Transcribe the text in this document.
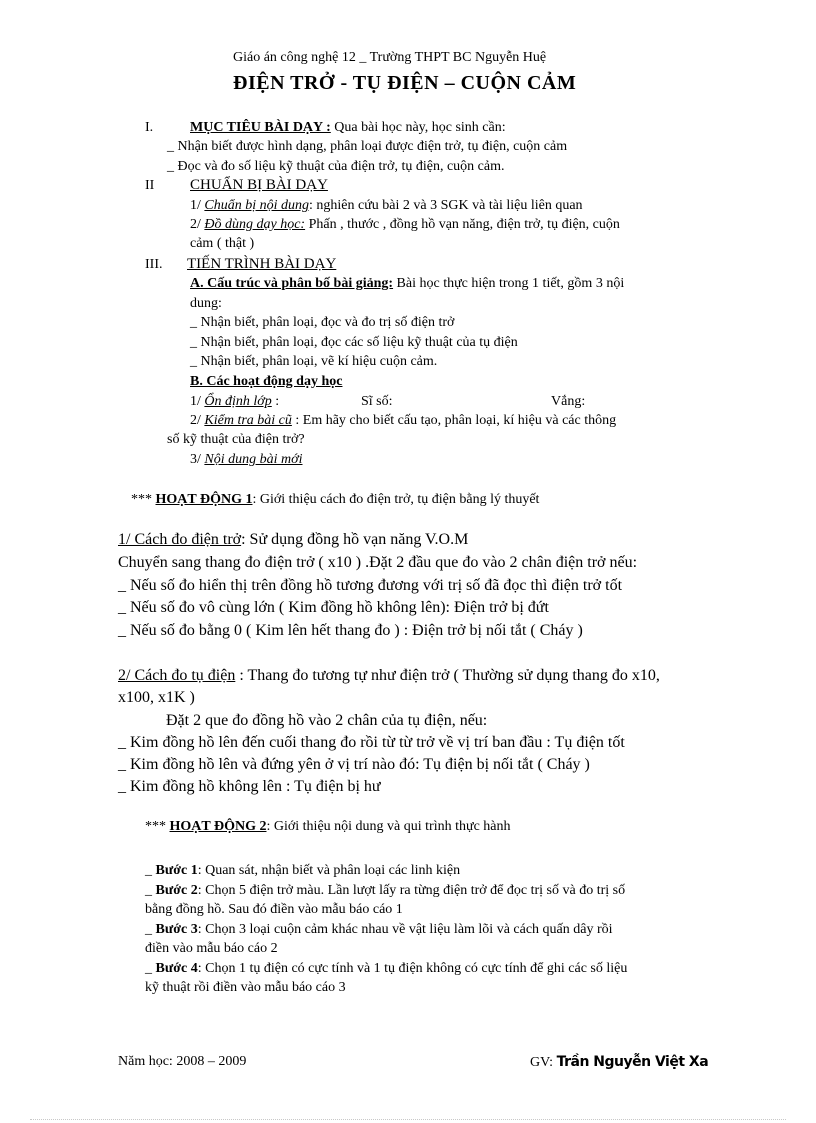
Giáo án công nghệ 12 _ Trường THPT BC Nguyễn Huệ
ĐIỆN TRỞ - TỤ ĐIỆN – CUỘN CẢM
I.	MỤC TIÊU BÀI DẠY : Qua bài học này, học sinh cần:
_ Nhận biết được hình dạng, phân loại được điện trở, tụ điện, cuộn cảm
_ Đọc và đo số liệu kỹ thuật của điện trở, tụ điện, cuộn cảm.
II CHUẨN BỊ BÀI DẠY
1/ Chuẩn bị nội dung: nghiên cứu bài 2 và 3 SGK và tài liệu liên quan
2/ Đồ dùng dạy học: Phấn , thước , đồng hồ vạn năng, điện trở, tụ điện, cuộn
cảm ( thật )
III. TIẾN TRÌNH BÀI DẠY
A. Cấu trúc và phân bố bài giảng: Bài học thực hiện trong 1 tiết, gồm 3 nội
dung:
_ Nhận biết, phân loại, đọc và đo trị số điện trở
_ Nhận biết, phân loại, đọc các số liệu kỹ thuật của tụ điện
_ Nhận biết, phân loại, vẽ kí hiệu cuộn cảm.
B. Các hoạt động dạy học
1/ Ổn định lớp :	Sĩ số:	Vắng:
2/ Kiểm tra bài cũ : Em hãy cho biết cấu tạo, phân loại, kí hiệu và các thông
số kỹ thuật của điện trở?
3/ Nội dung bài mới
*** HOẠT ĐỘNG 1: Giới thiệu cách đo điện trở, tụ điện bằng lý thuyết
1/ Cách đo điện trở: Sử dụng đồng hồ vạn năng V.O.M
Chuyển sang thang đo điện trở ( x10 ) .Đặt 2 đầu que đo vào 2 chân điện trở nếu:
_ Nếu số đo hiển thị trên đồng hồ tương đương với trị số đã đọc thì điện trở tốt
_ Nếu số đo vô cùng lớn ( Kim đồng hồ không lên): Điện trở bị đứt
_ Nếu số đo bằng 0 ( Kim lên hết thang đo ) : Điện trở bị nối tắt ( Cháy )
2/ Cách đo tụ điện : Thang đo tương tự như điện trở ( Thường sử dụng thang đo x10,
x100, x1K )
Đặt 2 que đo đồng hồ vào 2 chân của tụ điện, nếu:
_ Kim đồng hồ lên đến cuối thang đo rồi từ từ trở về vị trí ban đầu : Tụ điện tốt
_ Kim đồng hồ lên và đứng yên ở vị trí nào đó: Tụ điện bị nối tắt ( Cháy )
_ Kim đồng hồ không lên : Tụ điện bị hư
*** HOẠT ĐỘNG 2: Giới thiệu nội dung và qui trình thực hành
_ Bước 1: Quan sát, nhận biết và phân loại các linh kiện
_ Bước 2: Chọn 5 điện trở màu. Lần lượt lấy ra từng điện trở để đọc trị số và đo trị số
bằng đồng hồ. Sau đó điền vào mẫu báo cáo 1
_ Bước 3: Chọn 3 loại cuộn cảm khác nhau về vật liệu làm lõi và cách quấn dây rồi
điền vào mẫu báo cáo 2
_ Bước 4: Chọn 1 tụ điện có cực tính và 1 tụ điện không có cực tính để ghi các số liệu
kỹ thuật rồi điền vào mẫu báo cáo 3
Năm học: 2008 – 2009	GV: Trần Nguyễn Việt Xa
